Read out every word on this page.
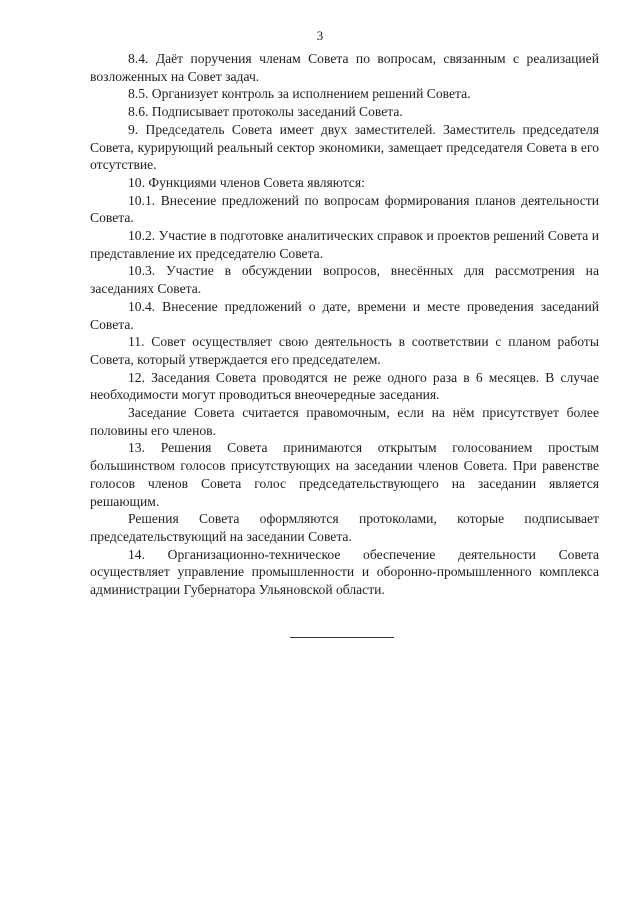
3

8.4. Даёт поручения членам Совета по вопросам, связанным с реализацией возложенных на Совет задач.

8.5. Организует контроль за исполнением решений Совета.

8.6. Подписывает протоколы заседаний Совета.

9. Председатель Совета имеет двух заместителей. Заместитель председателя Совета, курирующий реальный сектор экономики, замещает председателя Совета в его отсутствие.

10. Функциями членов Совета являются:

10.1. Внесение предложений по вопросам формирования планов деятельности Совета.

10.2. Участие в подготовке аналитических справок и проектов решений Совета и представление их председателю Совета.

10.3. Участие в обсуждении вопросов, внесённых для рассмотрения на заседаниях Совета.

10.4. Внесение предложений о дате, времени и месте проведения заседаний Совета.

11. Совет осуществляет свою деятельность в соответствии с планом работы Совета, который утверждается его председателем.

12. Заседания Совета проводятся не реже одного раза в 6 месяцев. В случае необходимости могут проводиться внеочередные заседания.

Заседание Совета считается правомочным, если на нём присутствует более половины его членов.

13. Решения Совета принимаются открытым голосованием простым большинством голосов присутствующих на заседании членов Совета. При равенстве голосов членов Совета голос председательствующего на заседании является решающим.

Решения Совета оформляются протоколами, которые подписывает председательствующий на заседании Совета.

14. Организационно-техническое обеспечение деятельности Совета осуществляет управление промышленности и оборонно-промышленного комплекса администрации Губернатора Ульяновской области.
